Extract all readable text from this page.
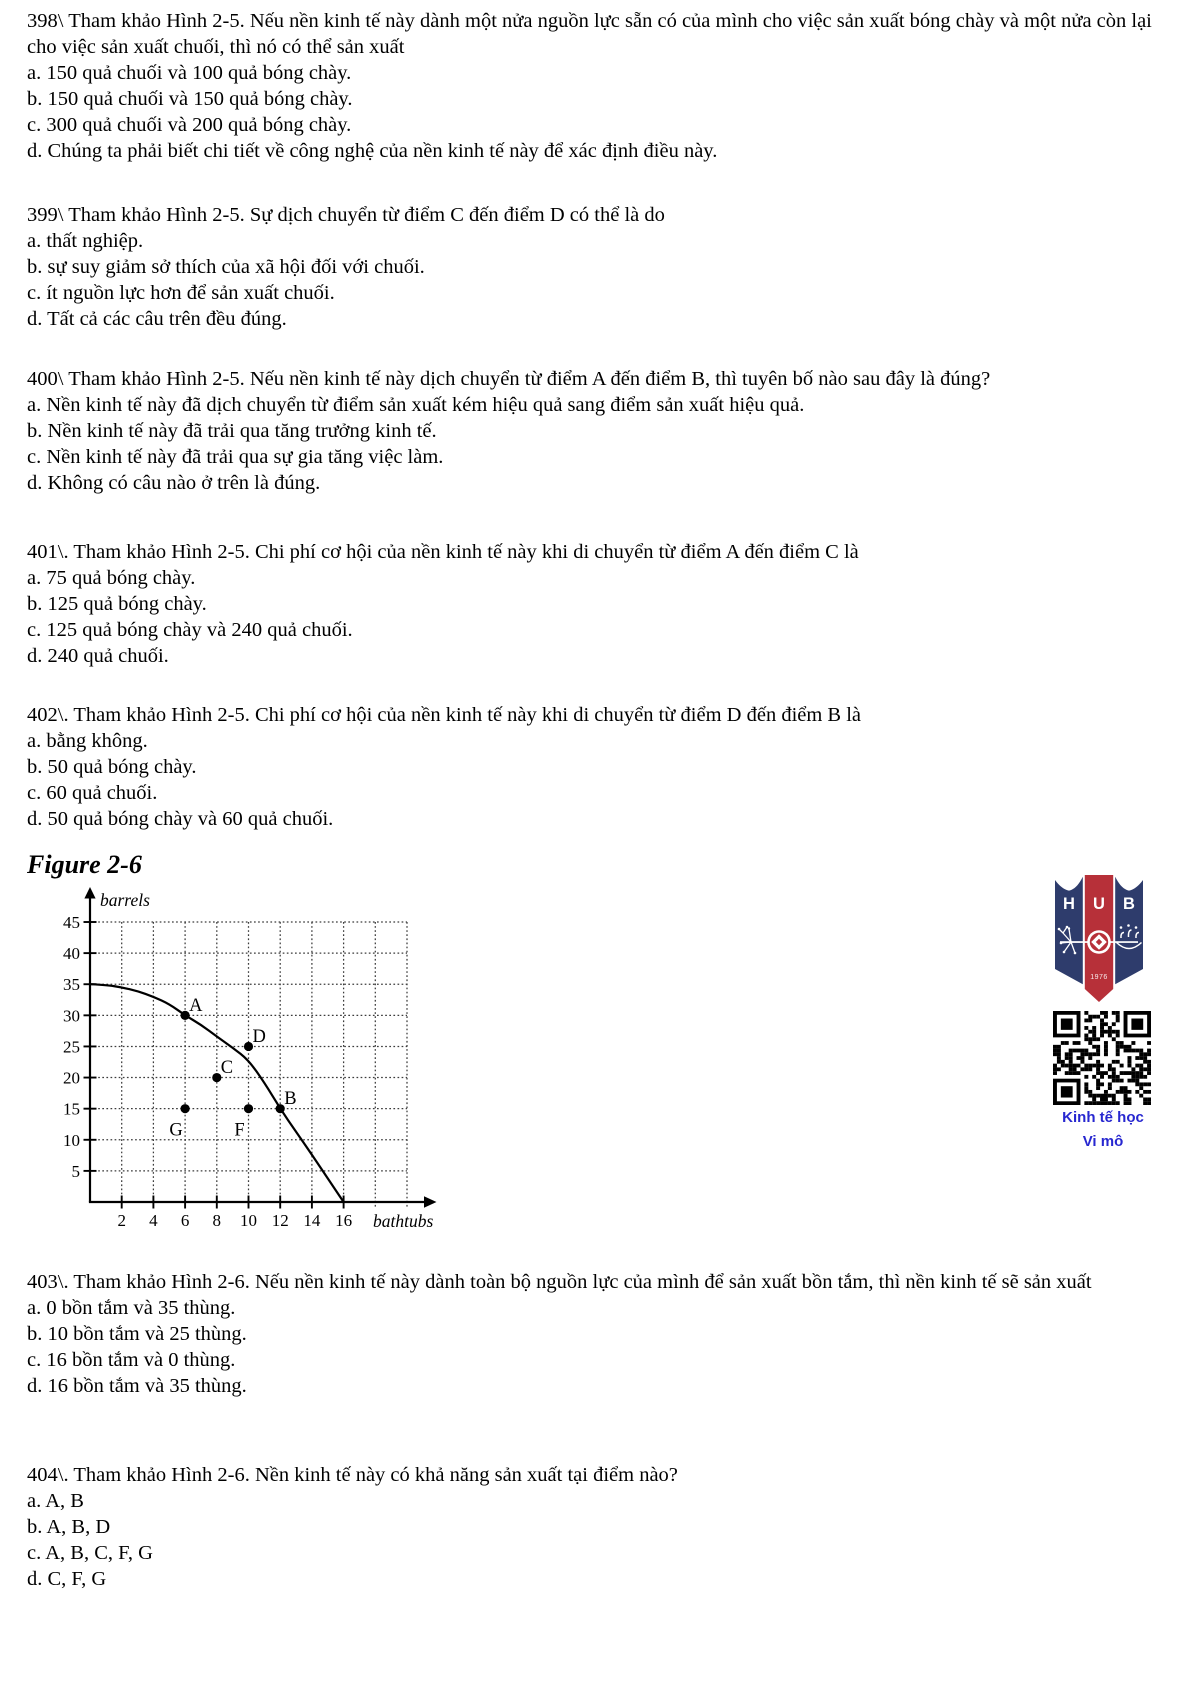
398\ Tham khảo Hình 2-5. Nếu nền kinh tế này dành một nửa nguồn lực sẵn có của mình cho việc sản xuất bóng chày và một nửa còn lại cho việc sản xuất chuối, thì nó có thể sản xuất
a. 150 quả chuối và 100 quả bóng chày.
b. 150 quả chuối và 150 quả bóng chày.
c. 300 quả chuối và 200 quả bóng chày.
d. Chúng ta phải biết chi tiết về công nghệ của nền kinh tế này để xác định điều này.
399\ Tham khảo Hình 2-5. Sự dịch chuyển từ điểm C đến điểm D có thể là do
a. thất nghiệp.
b. sự suy giảm sở thích của xã hội đối với chuối.
c. ít nguồn lực hơn để sản xuất chuối.
d. Tất cả các câu trên đều đúng.
400\ Tham khảo Hình 2-5. Nếu nền kinh tế này dịch chuyển từ điểm A đến điểm B, thì tuyên bố nào sau đây là đúng?
a. Nền kinh tế này đã dịch chuyển từ điểm sản xuất kém hiệu quả sang điểm sản xuất hiệu quả.
b. Nền kinh tế này đã trải qua tăng trưởng kinh tế.
c. Nền kinh tế này đã trải qua sự gia tăng việc làm.
d. Không có câu nào ở trên là đúng.
401\. Tham khảo Hình 2-5. Chi phí cơ hội của nền kinh tế này khi di chuyển từ điểm A đến điểm C là
a. 75 quả bóng chày.
b. 125 quả bóng chày.
c. 125 quả bóng chày và 240 quả chuối.
d. 240 quả chuối.
402\. Tham khảo Hình 2-5. Chi phí cơ hội của nền kinh tế này khi di chuyển từ điểm D đến điểm B là
a. bằng không.
b. 50 quả bóng chày.
c. 60 quả chuối.
d. 50 quả bóng chày và 60 quả chuối.
Figure 2-6
2 4 6 8 10 12 14 16
5
10
15
20
25
30
35
40
45
barrels
bathtubs
A
B
C
D
F
G
H U B
1976
Kinh tế học
Vi mô
403\. Tham khảo Hình 2-6. Nếu nền kinh tế này dành toàn bộ nguồn lực của mình để sản xuất bồn tắm, thì nền kinh tế sẽ sản xuất
a. 0 bồn tắm và 35 thùng.
b. 10 bồn tắm và 25 thùng.
c. 16 bồn tắm và 0 thùng.
d. 16 bồn tắm và 35 thùng.
404\. Tham khảo Hình 2-6. Nền kinh tế này có khả năng sản xuất tại điểm nào?
a. A, B
b. A, B, D
c. A, B, C, F, G
d. C, F, G
